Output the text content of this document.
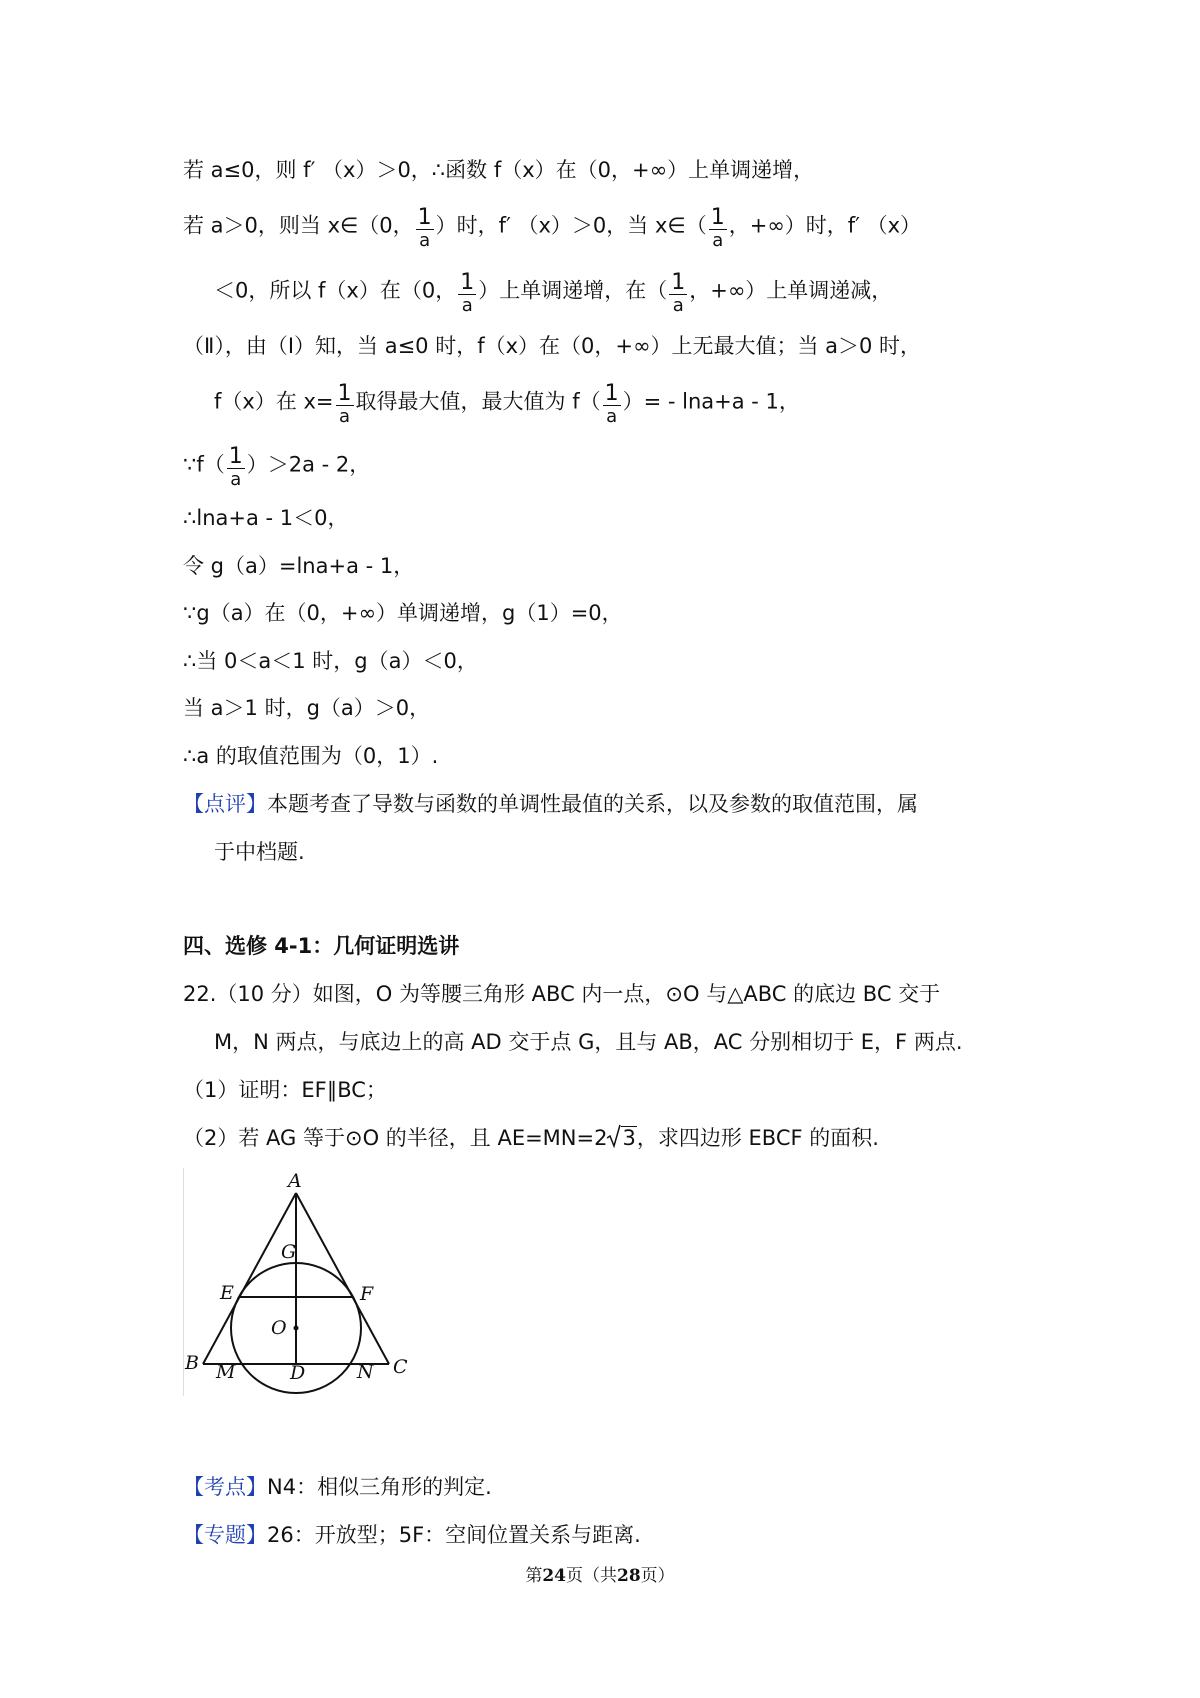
若 a≤0，则 f′ （x）＞0，∴函数 f（x）在（0，+∞）上单调递增，
若 a＞0，则当 x∈（0， $\frac{1}{a}$ ）时，f′ （x）＞0，当 x∈（ $\frac{1}{a}$ ，+∞）时，f′ （x）
＜0，所以 f（x）在（0， $\frac{1}{a}$ ）上单调递增，在（ $\frac{1}{a}$ ，+∞）上单调递减，
（Ⅱ），由（Ⅰ）知，当 a≤0 时，f（x）在（0，+∞）上无最大值；当 a＞0 时，
f（x）在 $x= \frac{1}{a}$ 取得最大值，最大值为 $f( \frac{1}{a}$ ）= - lna+a - 1，
∵f（ $\frac{1}{a} )>2a - 2$，
∴lna+a - 1＜0，
令 g（a）=lna+a - 1，
∵g（a）在（0，+∞）单调递增，g（1）=0，
∴当 0＜a＜1 时，g（a）＜0，
当 a＞1 时，g（a）＞0，
∴a 的取值范围为（0，1）.
【点评】本题考查了导数与函数的单调性最值的关系，以及参数的取值范围，属
于中档题.
四、选修 4-1：几何证明选讲
22.（10 分）如图，O 为等腰三角形 ABC 内一点，⊙O 与△ABC 的底边 BC 交于
M，N 两点，与底边上的高 AD 交于点 G，且与 AB，AC 分别相切于 E，F 两点.
（1）证明：EF∥BC；
（2）若 AG 等于⊙O 的半径，且 AE=MN=2 3，求四边形 EBCF 的面积.
A
G
E	F
O
B M	D	N C
【考点】N4：相似三角形的判定.
【专题】26：开放型；5F：空间位置关系与距离.
第24页（共28页）
